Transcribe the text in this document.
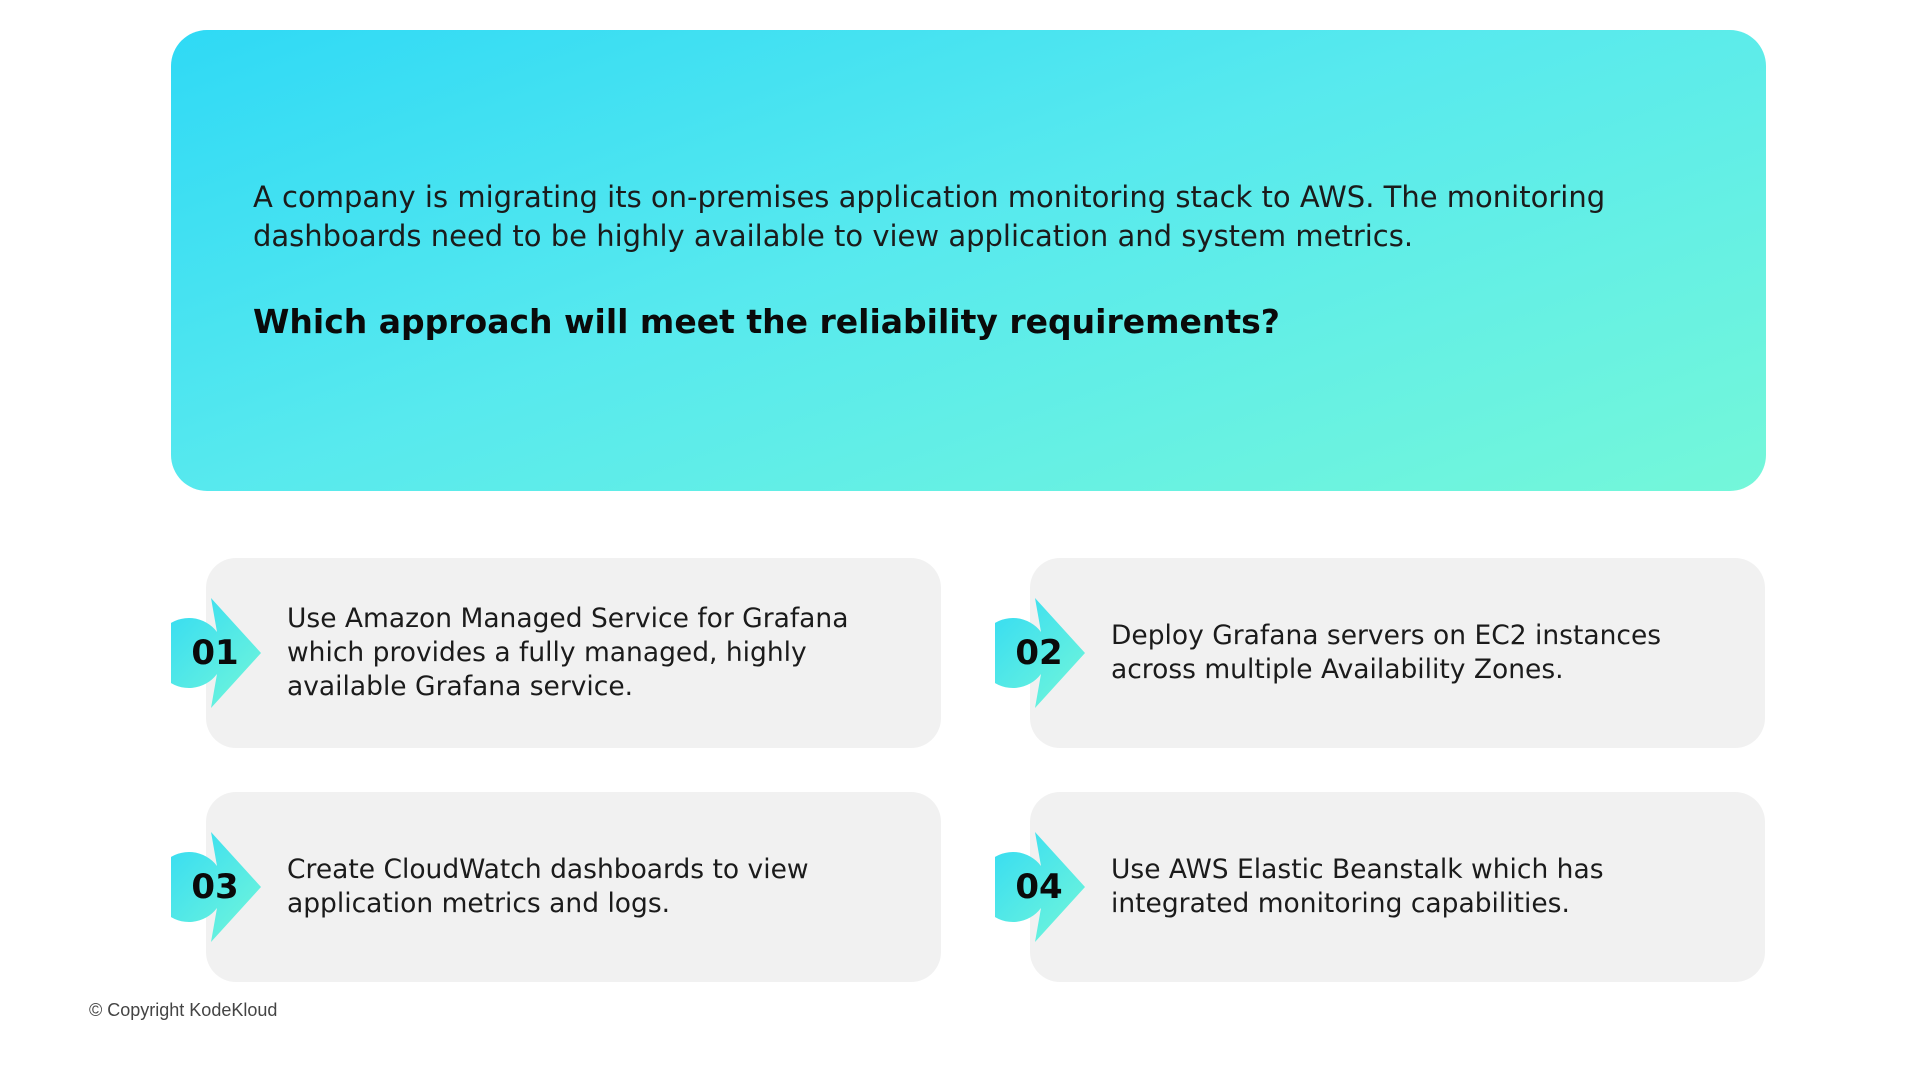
A company is migrating its on-premises application monitoring stack to AWS. The monitoring dashboards need to be highly available to view application and system metrics.
Which approach will meet the reliability requirements?
01
Use Amazon Managed Service for Grafana which provides a fully managed, highly available Grafana service.
02	Deploy Grafana servers on EC2 instances across multiple Availability Zones.
03	Create CloudWatch dashboards to view application metrics and logs.	04	Use AWS Elastic Beanstalk which has integrated monitoring capabilities.
© Copyright KodeKloud
